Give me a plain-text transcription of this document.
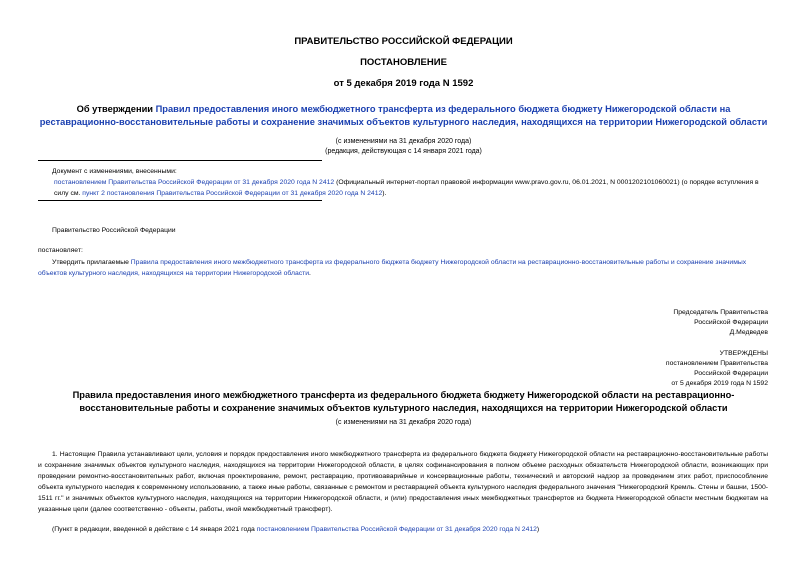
ПРАВИТЕЛЬСТВО РОССИЙСКОЙ ФЕДЕРАЦИИ
ПОСТАНОВЛЕНИЕ
от 5 декабря 2019 года N 1592
Об утверждении Правил предоставления иного межбюджетного трансферта из федерального бюджета бюджету Нижегородской области на реставрационно-восстановительные работы и сохранение значимых объектов культурного наследия, находящихся на территории Нижегородской области
(с изменениями на 31 декабря 2020 года)
(редакция, действующая с 14 января 2021 года)
Документ с изменениями, внесенными:
постановлением Правительства Российской Федерации от 31 декабря 2020 года N 2412 (Официальный интернет-портал правовой информации www.pravo.gov.ru, 06.01.2021, N 0001202101060021) (о порядке вступления в силу см. пункт 2 постановления Правительства Российской Федерации от 31 декабря 2020 года N 2412).
Правительство Российской Федерации
постановляет:
Утвердить прилагаемые Правила предоставления иного межбюджетного трансферта из федерального бюджета бюджету Нижегородской области на реставрационно-восстановительные работы и сохранение значимых объектов культурного наследия, находящихся на территории Нижегородской области.
Председатель Правительства
Российской Федерации
Д.Медведев
УТВЕРЖДЕНЫ
постановлением Правительства
Российской Федерации
от 5 декабря 2019 года N 1592
Правила предоставления иного межбюджетного трансферта из федерального бюджета бюджету Нижегородской области на реставрационно-восстановительные работы и сохранение значимых объектов культурного наследия, находящихся на территории Нижегородской области
(с изменениями на 31 декабря 2020 года)
1. Настоящие Правила устанавливают цели, условия и порядок предоставления иного межбюджетного трансферта из федерального бюджета бюджету Нижегородской области на реставрационно-восстановительные работы и сохранение значимых объектов культурного наследия, находящихся на территории Нижегородской области, в целях софинансирования в полном объеме расходных обязательств Нижегородской области, возникающих при проведении ремонтно-восстановительных работ, включая проектирование, ремонт, реставрацию, противоаварийные и консервационные работы, технический и авторский надзор за проведением этих работ, приспособление объекта культурного наследия к современному использованию, а также иные работы, связанные с ремонтом и реставрацией объекта культурного наследия федерального значения "Нижегородский Кремль. Стены и башни, 1500-1511 гг." и значимых объектов культурного наследия, находящихся на территории Нижегородской области, и (или) предоставления иных межбюджетных трансфертов из бюджета Нижегородской области местным бюджетам на указанные цели (далее соответственно - объекты, работы, иной межбюджетный трансферт).
(Пункт в редакции, введенной в действие с 14 января 2021 года постановлением Правительства Российской Федерации от 31 декабря 2020 года N 2412)
